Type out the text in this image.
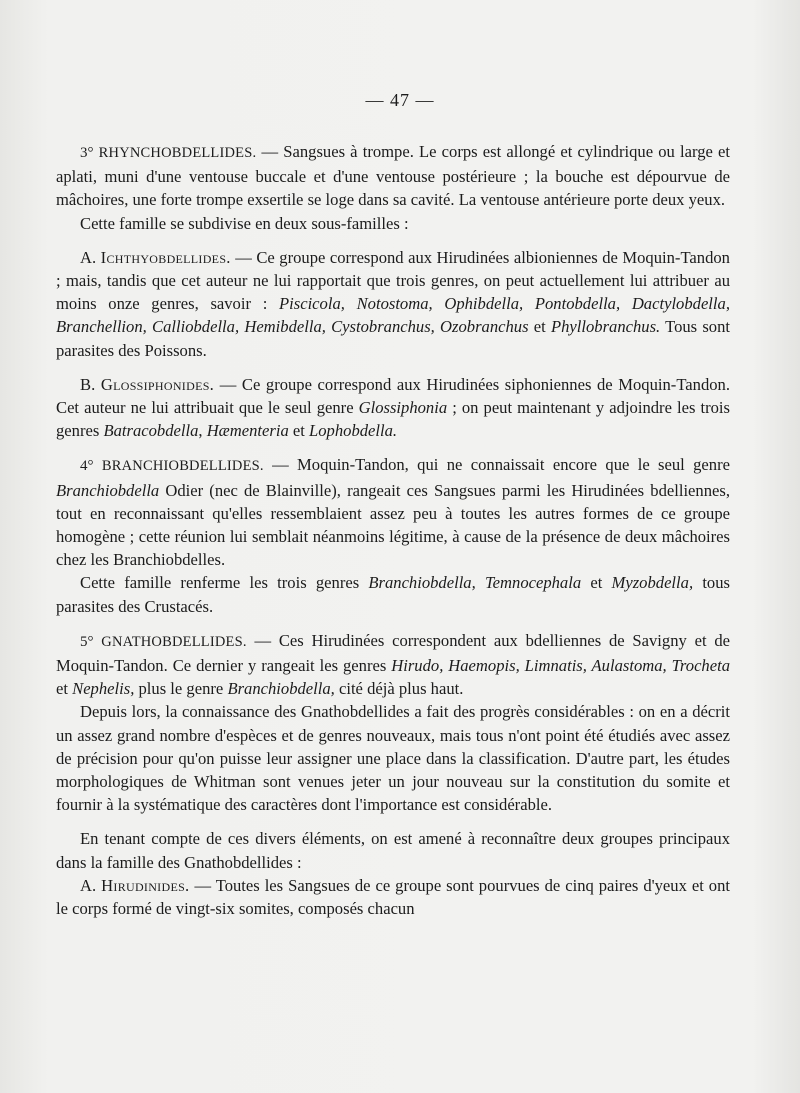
— 47 —

3° RHYNCHOBDELLIDES. — Sangsues à trompe. Le corps est allongé et cylindrique ou large et aplati, muni d'une ventouse buccale et d'une ventouse postérieure ; la bouche est dépourvue de mâchoires, une forte trompe exsertile se loge dans sa cavité. La ventouse antérieure porte deux yeux.

Cette famille se subdivise en deux sous-familles :

A. Ichthyobdellides. — Ce groupe correspond aux Hirudinées albioniennes de Moquin-Tandon ; mais, tandis que cet auteur ne lui rapportait que trois genres, on peut actuellement lui attribuer au moins onze genres, savoir : Piscicola, Notostoma, Ophibdella, Pontobdella, Dactylobdella, Branchellion, Calliobdella, Hemibdella, Cystobranchus, Ozobranchus et Phyllobranchus. Tous sont parasites des Poissons.

B. Glossiphonides. — Ce groupe correspond aux Hirudinées siphoniennes de Moquin-Tandon. Cet auteur ne lui attribuait que le seul genre Glossiphonia ; on peut maintenant y adjoindre les trois genres Batracobdella, Hæmenteria et Lophobdella.

4° BRANCHIOBDELLIDES. — Moquin-Tandon, qui ne connaissait encore que le seul genre Branchiobdella Odier (nec de Blainville), rangeait ces Sangsues parmi les Hirudinées bdelliennes, tout en reconnaissant qu'elles ressemblaient assez peu à toutes les autres formes de ce groupe homogène ; cette réunion lui semblait néanmoins légitime, à cause de la présence de deux mâchoires chez les Branchiobdelles.

Cette famille renferme les trois genres Branchiobdella, Temnocephala et Myzobdella, tous parasites des Crustacés.

5° GNATHOBDELLIDES. — Ces Hirudinées correspondent aux bdelliennes de Savigny et de Moquin-Tandon. Ce dernier y rangeait les genres Hirudo, Haemopis, Limnatis, Aulastoma, Trocheta et Nephelis, plus le genre Branchiobdella, cité déjà plus haut.

Depuis lors, la connaissance des Gnathobdellides a fait des progrès considérables : on en a décrit un assez grand nombre d'espèces et de genres nouveaux, mais tous n'ont point été étudiés avec assez de précision pour qu'on puisse leur assigner une place dans la classification. D'autre part, les études morphologiques de Whitman sont venues jeter un jour nouveau sur la constitution du somite et fournir à la systématique des caractères dont l'importance est considérable.

En tenant compte de ces divers éléments, on est amené à reconnaître deux groupes principaux dans la famille des Gnathobdellides :

A. Hirudinides. — Toutes les Sangsues de ce groupe sont pourvues de cinq paires d'yeux et ont le corps formé de vingt-six somites, composés chacun
